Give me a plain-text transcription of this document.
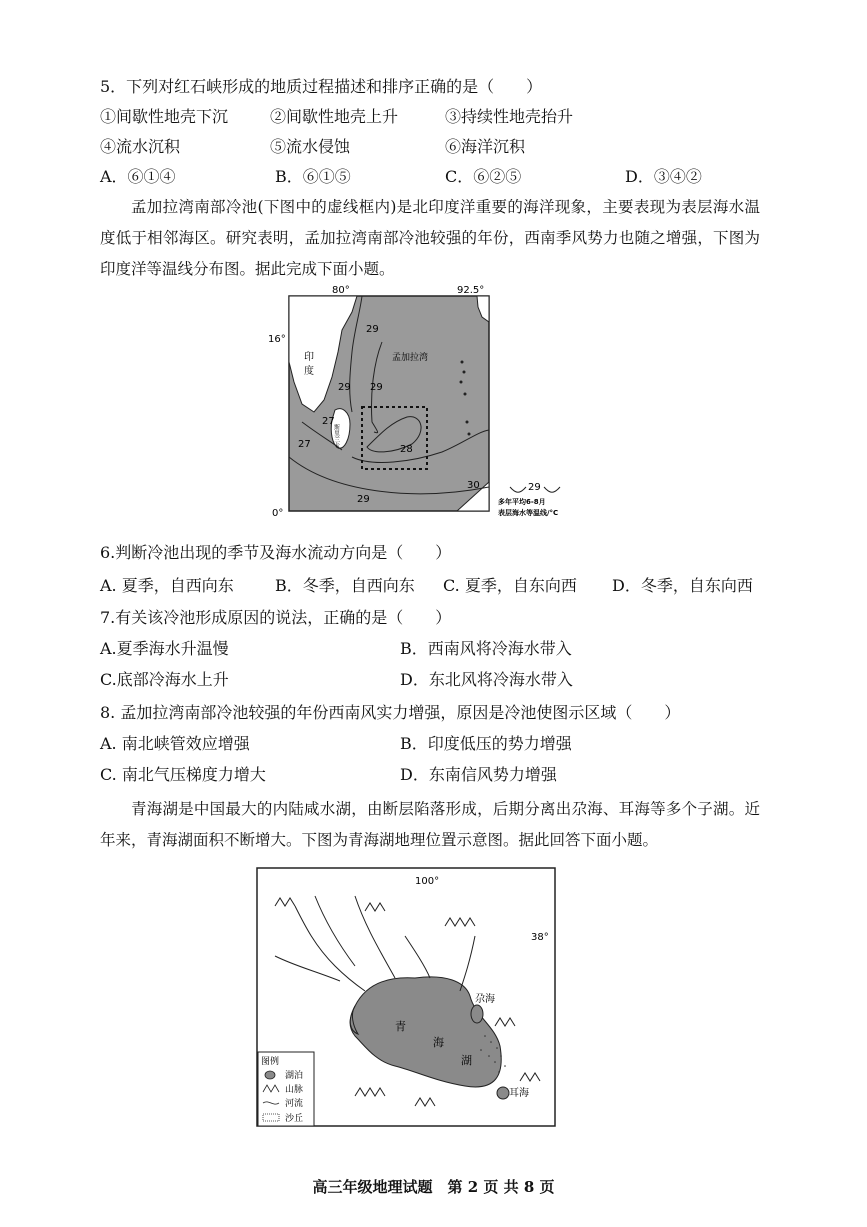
5．下列对红石峡形成的地质过程描述和排序正确的是（　　）
①间歇性地壳下沉	②间歇性地壳上升	③持续性地壳抬升
④流水沉积	⑤流水侵蚀	⑥海洋沉积
A．⑥①④	B．⑥①⑤	C．⑥②⑤	D．③④②
孟加拉湾南部冷池(下图中的虚线框内)是北印度洋重要的海洋现象，主要表现为表层海水温度低于相邻海区。研究表明，孟加拉湾南部冷池较强的年份，西南季风势力也随之增强，下图为印度洋等温线分布图。据此完成下面小题。
80°	92.5°
16°
0°
印
度
孟加拉湾
斯里兰卡
29
29 29
27
27	28
29
30	29
多年平均6-8月
表层海水等温线/°C
6.判断冷池出现的季节及海水流动方向是（　　）
A. 夏季，自西向东	B．冬季，自西向东 C. 夏季，自东向西 D．冬季，自东向西
7.有关该冷池形成原因的说法，正确的是（　　）
A.夏季海水升温慢	B．西南风将冷海水带入
C.底部冷海水上升	D．东北风将冷海水带入
8. 孟加拉湾南部冷池较强的年份西南风实力增强，原因是冷池使图示区域（　　）
A. 南北峡管效应增强	B．印度低压的势力增强
C. 南北气压梯度力增大	D．东南信风势力增强
青海湖是中国最大的内陆咸水湖，由断层陷落形成，后期分离出尕海、耳海等多个子湖。近年来，青海湖面积不断增大。下图为青海湖地理位置示意图。据此回答下面小题。
100°
38°
青
海
湖
尕海
耳海
图例
湖泊
山脉
河流
沙丘
高三年级地理试题　第 2 页 共 8 页
